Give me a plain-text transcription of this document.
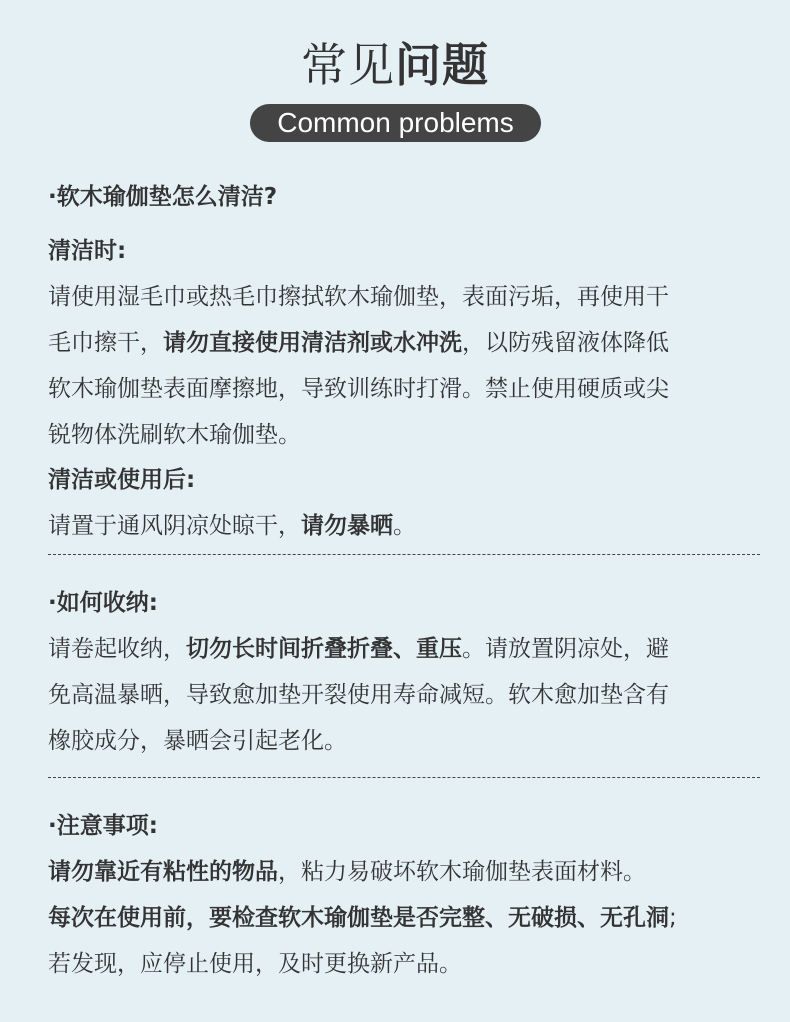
常见问题
Common problems
·软木瑜伽垫怎么清洁?
清洁时:
请使用湿毛巾或热毛巾擦拭软木瑜伽垫，表面污垢，再使用干
毛巾擦干，请勿直接使用清洁剂或水冲洗，以防残留液体降低
软木瑜伽垫表面摩擦地，导致训练时打滑。禁止使用硬质或尖
锐物体洗刷软木瑜伽垫。
清洁或使用后:
请置于通风阴凉处晾干，请勿暴晒。
·如何收纳:
请卷起收纳，切勿长时间折叠折叠、重压。请放置阴凉处，避
免高温暴晒，导致愈加垫开裂使用寿命减短。软木愈加垫含有
橡胶成分，暴晒会引起老化。
·注意事项:
请勿靠近有粘性的物品，粘力易破坏软木瑜伽垫表面材料。
每次在使用前，要检查软木瑜伽垫是否完整、无破损、无孔洞;
若发现，应停止使用，及时更换新产品。
